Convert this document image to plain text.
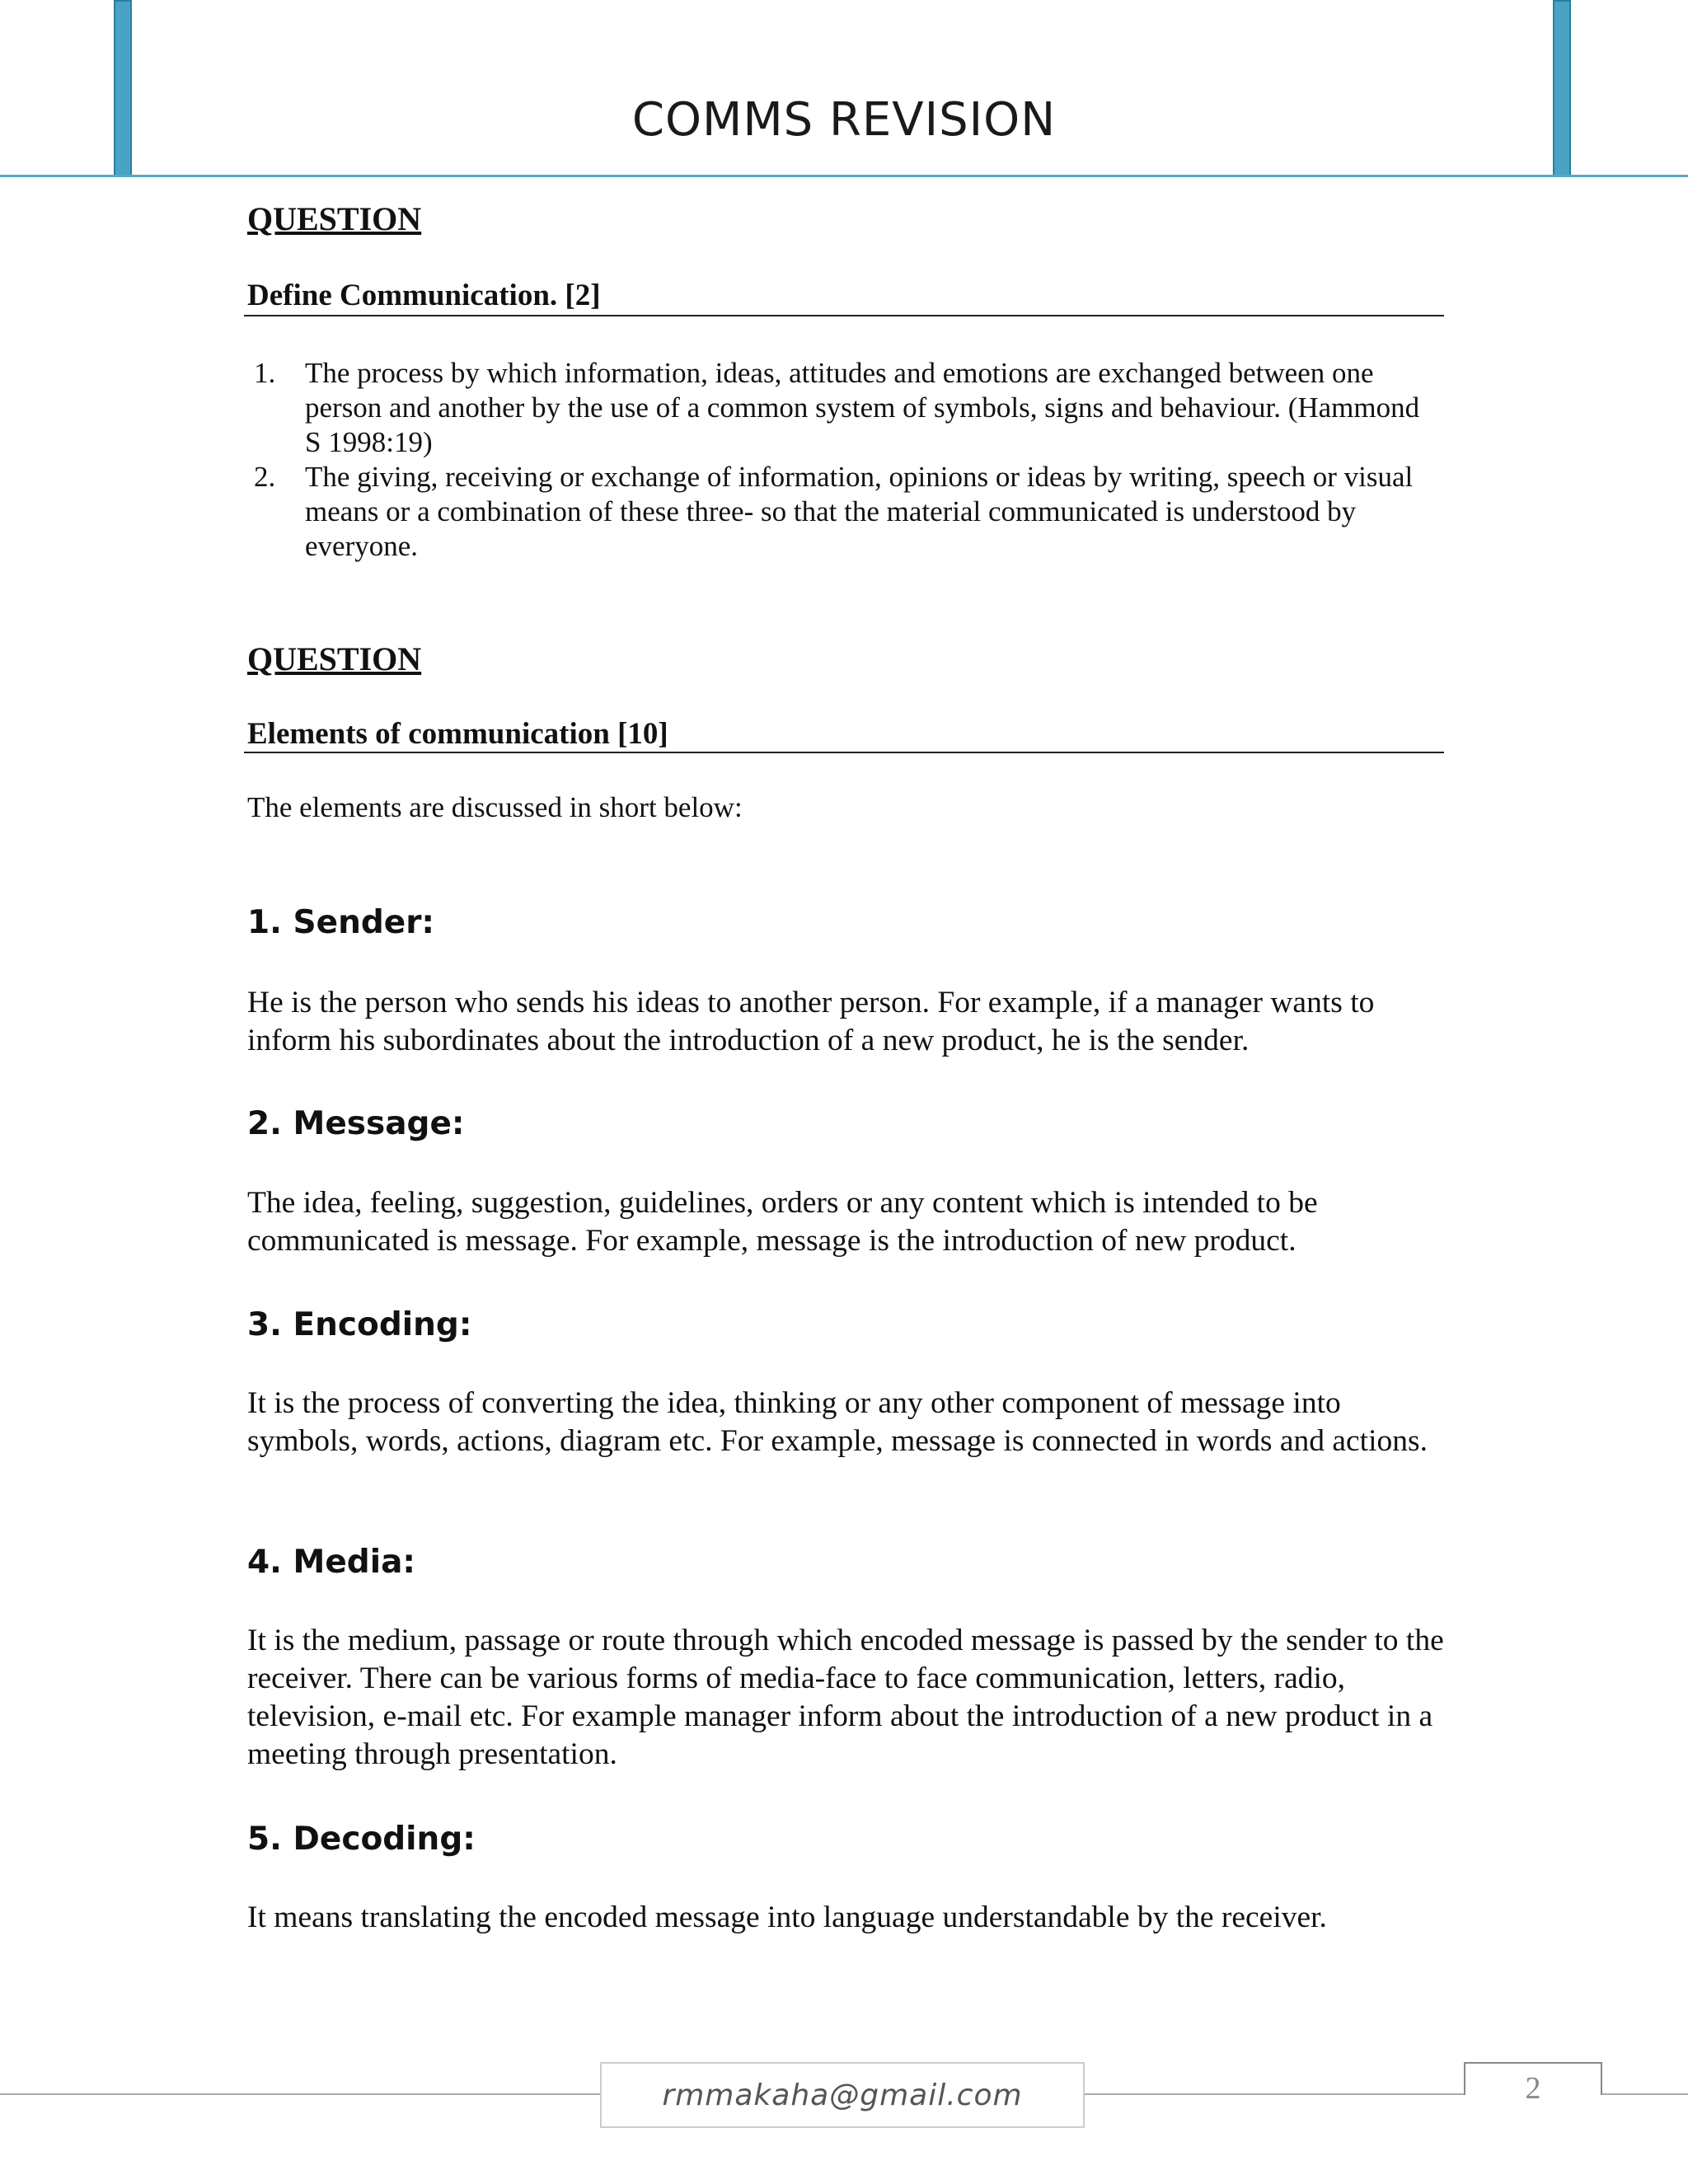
COMMS REVISION
QUESTION
Define Communication. [2]
1. The process by which information, ideas, attitudes and emotions are exchanged between one person and another by the use of a common system of symbols, signs and behaviour. (Hammond S 1998:19)
2. The giving, receiving or exchange of information, opinions or ideas by writing, speech or visual means or a combination of these three- so that the material communicated is understood by everyone.
QUESTION
Elements of communication [10]
The elements are discussed in short below:
1. Sender:

He is the person who sends his ideas to another person. For example, if a manager wants to inform his subordinates about the introduction of a new product, he is the sender.

2. Message:

The idea, feeling, suggestion, guidelines, orders or any content which is intended to be communicated is message. For example, message is the introduction of new product.

3. Encoding:

It is the process of converting the idea, thinking or any other component of message into symbols, words, actions, diagram etc. For example, message is connected in words and actions.

4. Media:

It is the medium, passage or route through which encoded message is passed by the sender to the receiver. There can be various forms of media-face to face communication, letters, radio, television, e-mail etc. For example manager inform about the introduction of a new product in a meeting through presentation.

5. Decoding:

It means translating the encoded message into language understandable by the receiver.

rmmakaha@gmail.com	2
